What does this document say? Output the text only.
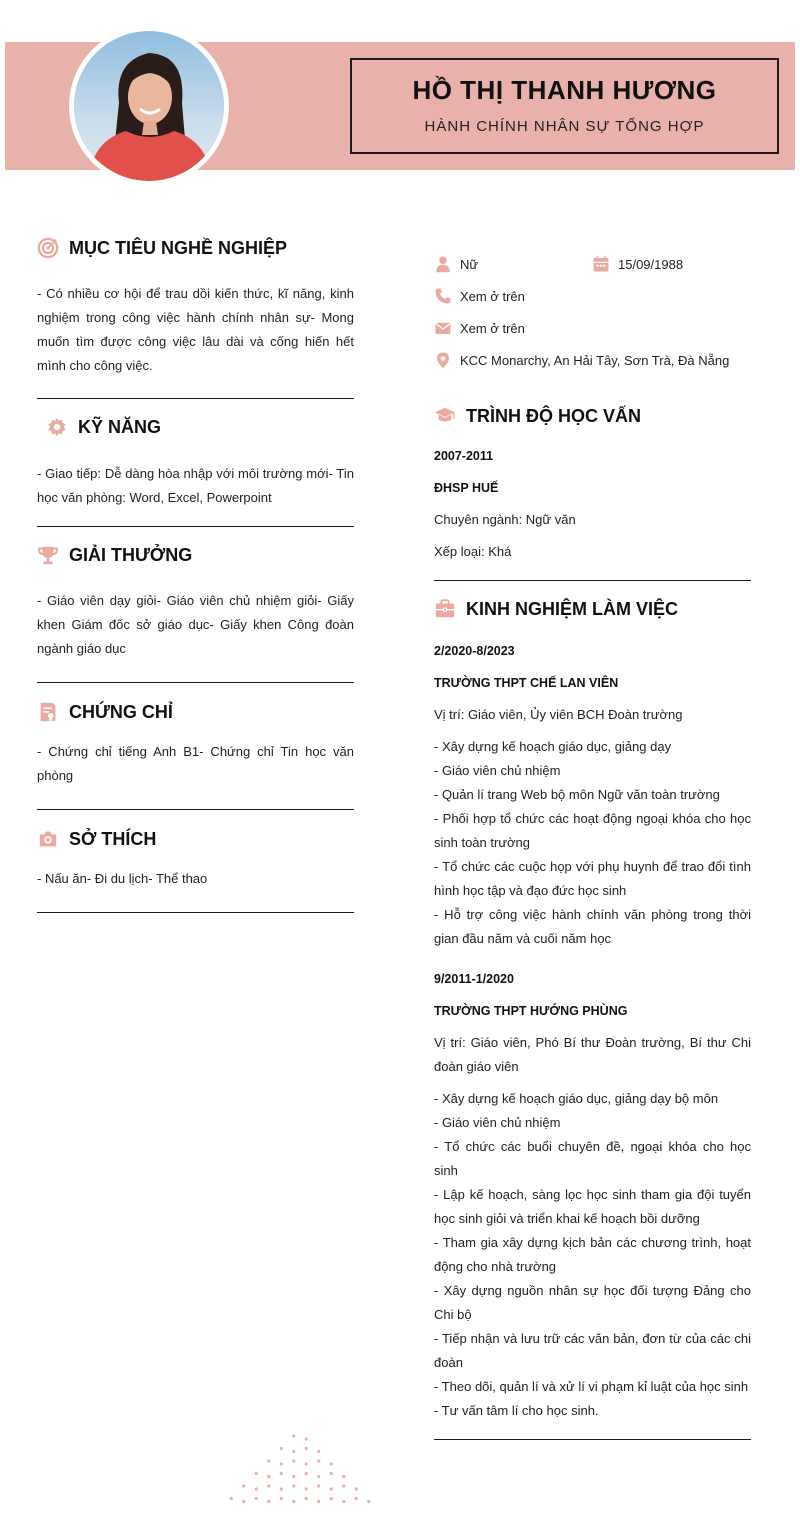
HỒ THỊ THANH HƯƠNG
HÀNH CHÍNH NHÂN SỰ TỔNG HỢP
MỤC TIÊU NGHỀ NGHIỆP
- Có nhiều cơ hội để trau dồi kiến thức, kĩ năng, kinh nghiệm trong công việc hành chính nhân sự- Mong muốn tìm được công việc lâu dài và cống hiến hết mình cho công việc.
KỸ NĂNG
- Giao tiếp: Dễ dàng hòa nhập với môi trường mới- Tin học văn phòng: Word, Excel, Powerpoint
GIẢI THƯỞNG
- Giáo viên dạy giỏi- Giáo viên chủ nhiệm giỏi- Giấy khen Giám đốc sở giáo dục- Giấy khen Công đoàn ngành giáo dục
CHỨNG CHỈ
- Chứng chỉ tiếng Anh B1- Chứng chỉ Tin học văn phòng
SỞ THÍCH
- Nấu ăn- Đi du lịch- Thể thao
Nữ	15/09/1988
Xem ở trên
Xem ở trên
KCC Monarchy, An Hải Tây, Sơn Trà, Đà Nẵng
TRÌNH ĐỘ HỌC VẤN
2007-2011
ĐHSP HUẾ
Chuyên ngành: Ngữ văn
Xếp loại: Khá
KINH NGHIỆM LÀM VIỆC
2/2020-8/2023
TRƯỜNG THPT CHẾ LAN VIÊN
Vị trí: Giáo viên, Ủy viên BCH Đoàn trường
- Xây dựng kế hoạch giáo dục, giảng dạy
- Giáo viên chủ nhiệm
- Quản lí trang Web bộ môn Ngữ văn toàn trường
- Phối hợp tổ chức các hoạt động ngoại khóa cho học sinh toàn trường
- Tổ chức các cuộc họp với phụ huynh để trao đổi tình hình học tập và đạo đức học sinh
- Hỗ trợ công việc hành chính văn phòng trong thời gian đầu năm và cuối năm học
9/2011-1/2020
TRƯỜNG THPT HƯỚNG PHÙNG
Vị trí: Giáo viên, Phó Bí thư Đoàn trường, Bí thư Chi đoàn giáo viên
- Xây dựng kế hoạch giáo dục, giảng dạy bộ môn
- Giáo viên chủ nhiệm
- Tổ chức các buổi chuyên đề, ngoại khóa cho học sinh
- Lập kế hoạch, sàng lọc học sinh tham gia đội tuyển học sinh giỏi và triển khai kế hoạch bồi dưỡng
- Tham gia xây dựng kịch bản các chương trình, hoạt động cho nhà trường
- Xây dựng nguồn nhân sự học đối tượng Đảng cho Chi bộ
- Tiếp nhận và lưu trữ các văn bản, đơn từ của các chi đoàn
- Theo dõi, quản lí và xử lí vi phạm kỉ luật của học sinh
- Tư vấn tâm lí cho học sinh.
